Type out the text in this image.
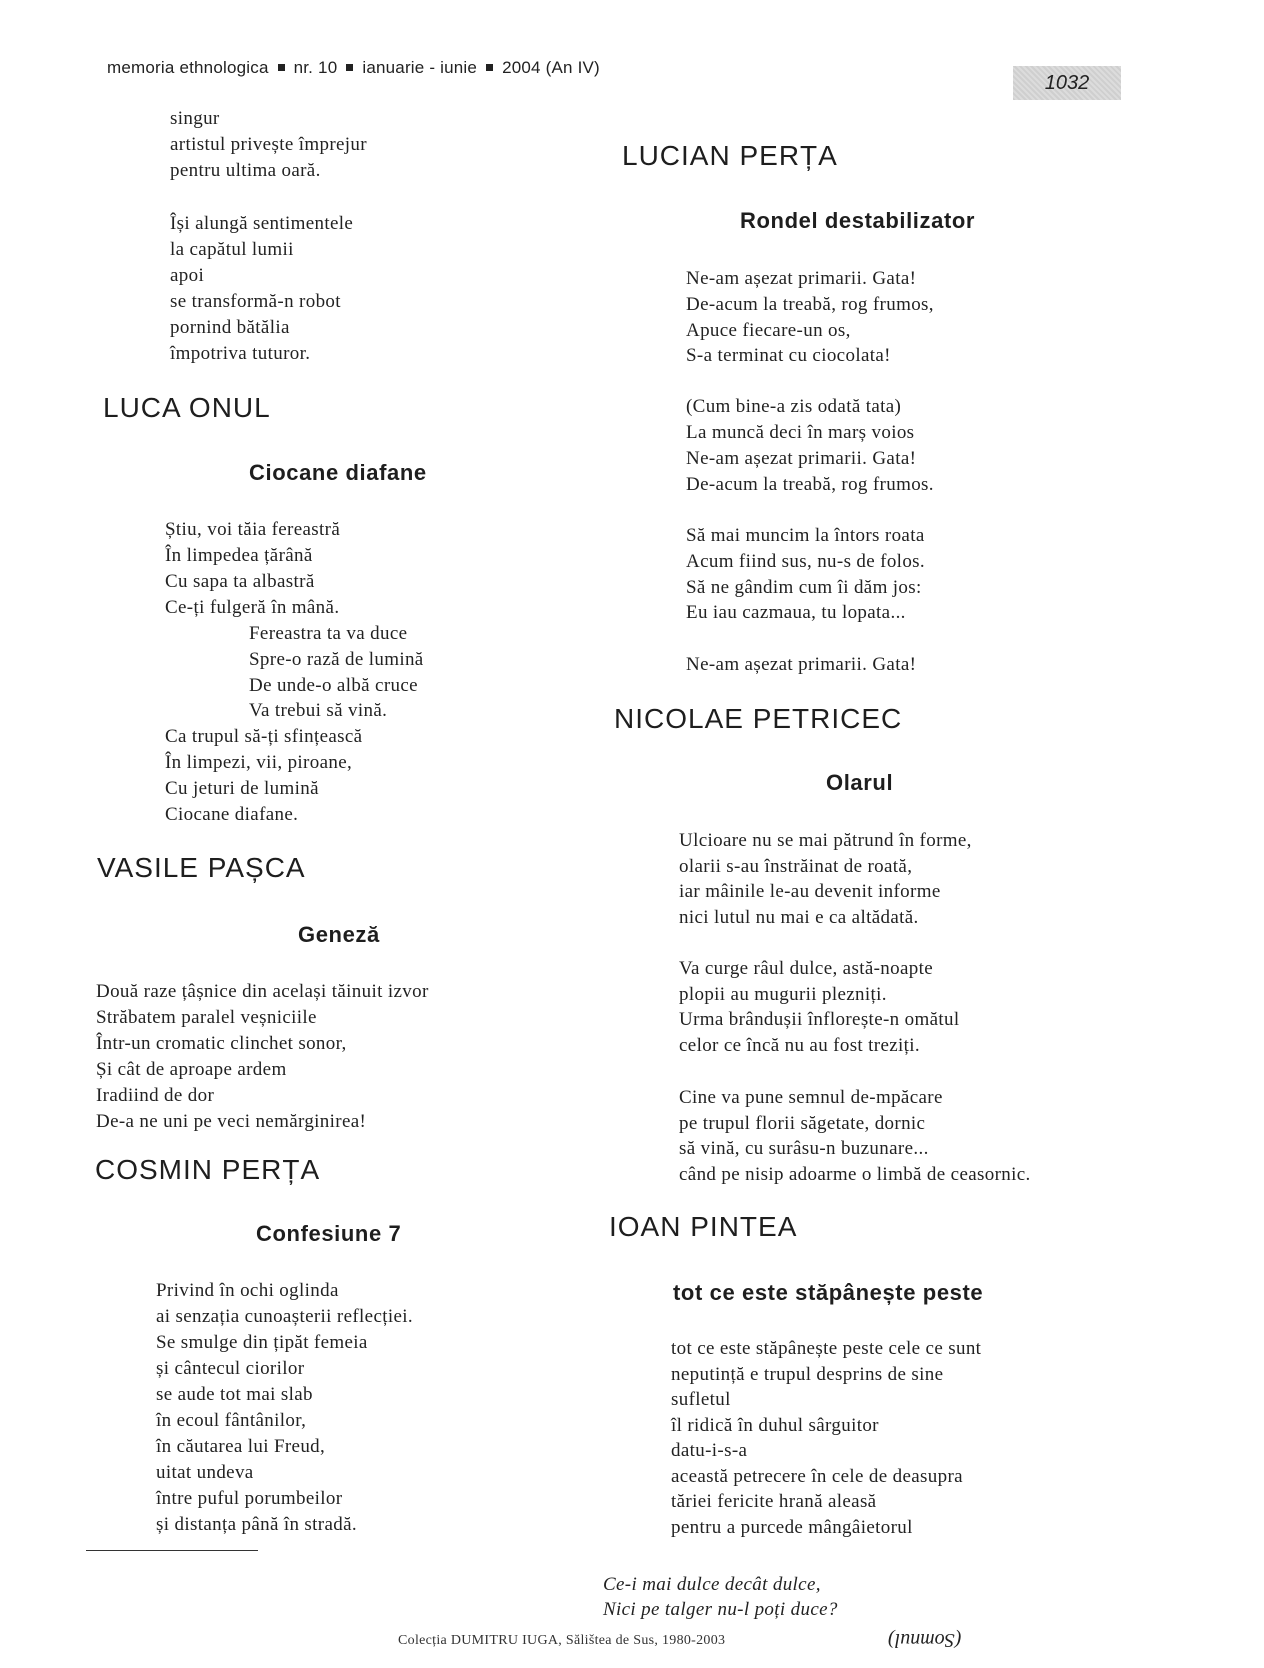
memoria ethnologica nr. 10 ianuarie - iunie 2004 (An IV)
1032
singur
artistul privește împrejur
pentru ultima oară.
Își alungă sentimentele
la capătul lumii
apoi
se transformă-n robot
pornind bătălia
împotriva tuturor.
LUCA ONUL
Ciocane diafane
Știu, voi tăia fereastră
În limpedea țărână
Cu sapa ta albastră
Ce-ți fulgeră în mână.
Fereastra ta va duce
Spre-o rază de lumină
De unde-o albă cruce
Va trebui să vină.
Ca trupul să-ți sfințească
În limpezi, vii, piroane,
Cu jeturi de lumină
Ciocane diafane.
VASILE PAȘCA
Geneză
Două raze țâșnice din același tăinuit izvor
Străbatem paralel veșniciile
Într-un cromatic clinchet sonor,
Și cât de aproape ardem
Iradiind de dor
De-a ne uni pe veci nemărginirea!
COSMIN PERȚA
Confesiune 7
Privind în ochi oglinda
ai senzația cunoașterii reflecției.
Se smulge din țipăt femeia
și cântecul ciorilor
se aude tot mai slab
în ecoul fântânilor,
în căutarea lui Freud,
uitat undeva
între puful porumbeilor
și distanța până în stradă.
LUCIAN PERȚA
Rondel destabilizator
Ne-am așezat primarii. Gata!
De-acum la treabă, rog frumos,
Apuce fiecare-un os,
S-a terminat cu ciocolata!
(Cum bine-a zis odată tata)
La muncă deci în marș voios
Ne-am așezat primarii. Gata!
De-acum la treabă, rog frumos.
Să mai muncim la întors roata
Acum fiind sus, nu-s de folos.
Să ne gândim cum îi dăm jos:
Eu iau cazmaua, tu lopata...
Ne-am așezat primarii. Gata!
NICOLAE PETRICEC
Olarul
Ulcioare nu se mai pătrund în forme,
olarii s-au înstrăinat de roată,
iar mâinile le-au devenit informe
nici lutul nu mai e ca altădată.
Va curge râul dulce, astă-noapte
plopii au mugurii plezniți.
Urma brândușii înflorește-n omătul
celor ce încă nu au fost treziți.
Cine va pune semnul de-mpăcare
pe trupul florii săgetate, dornic
să vină, cu surâsu-n buzunare...
când pe nisip adoarme o limbă de ceasornic.
IOAN PINTEA
tot ce este stăpânește peste
tot ce este stăpânește peste cele ce sunt
neputință e trupul desprins de sine
sufletul
îl ridică în duhul sârguitor
datu-i-s-a
această petrecere în cele de deasupra
tăriei fericite hrană aleasă
pentru a purcede mângâietorul
Ce-i mai dulce decât dulce,
Nici pe talger nu-l poți duce?
(Somnul)
Colecția DUMITRU IUGA, Sălištea de Sus, 1980-2003
